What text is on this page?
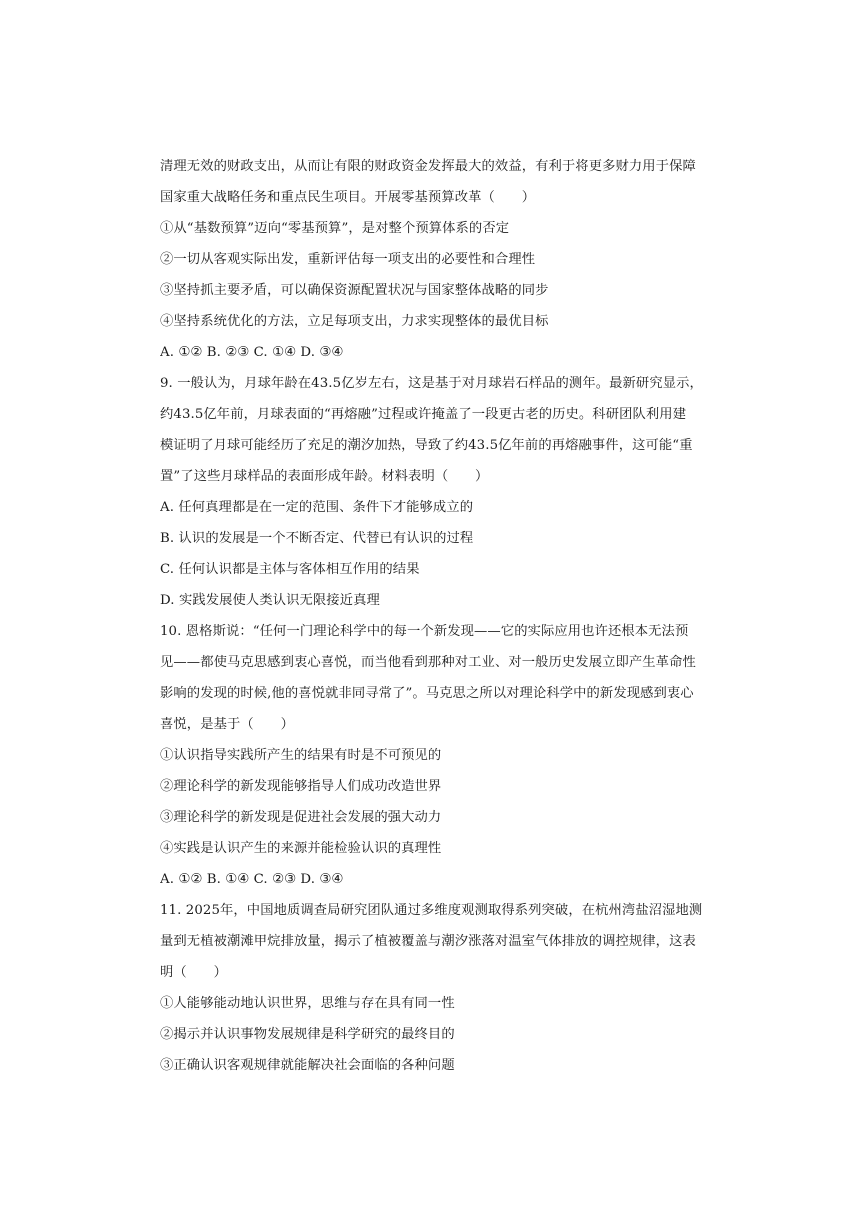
清理无效的财政支出，从而让有限的财政资金发挥最大的效益，有利于将更多财力用于保障
国家重大战略任务和重点民生项目。开展零基预算改革（　　）
①从“基数预算”迈向“零基预算”，是对整个预算体系的否定
②一切从客观实际出发，重新评估每一项支出的必要性和合理性
③坚持抓主要矛盾，可以确保资源配置状况与国家整体战略的同步
④坚持系统优化的方法，立足每项支出，力求实现整体的最优目标
A. ①② B. ②③ C. ①④ D. ③④
9. 一般认为，月球年龄在43.5亿岁左右，这是基于对月球岩石样品的测年。最新研究显示，
约43.5亿年前，月球表面的“再熔融”过程或许掩盖了一段更古老的历史。科研团队利用建
模证明了月球可能经历了充足的潮汐加热，导致了约43.5亿年前的再熔融事件，这可能“重
置”了这些月球样品的表面形成年龄。材料表明（　　）
A. 任何真理都是在一定的范围、条件下才能够成立的
B. 认识的发展是一个不断否定、代替已有认识的过程
C. 任何认识都是主体与客体相互作用的结果
D. 实践发展使人类认识无限接近真理
10. 恩格斯说：“任何一门理论科学中的每一个新发现——它的实际应用也许还根本无法预
见——都使马克思感到衷心喜悦，而当他看到那种对工业、对一般历史发展立即产生革命性
影响的发现的时候,他的喜悦就非同寻常了”。马克思之所以对理论科学中的新发现感到衷心
喜悦，是基于（　　）
①认识指导实践所产生的结果有时是不可预见的
②理论科学的新发现能够指导人们成功改造世界
③理论科学的新发现是促进社会发展的强大动力
④实践是认识产生的来源并能检验认识的真理性
A. ①② B. ①④ C. ②③ D. ③④
11. 2025年，中国地质调查局研究团队通过多维度观测取得系列突破，在杭州湾盐沼湿地测
量到无植被潮滩甲烷排放量，揭示了植被覆盖与潮汐涨落对温室气体排放的调控规律，这表
明（　　）
①人能够能动地认识世界，思维与存在具有同一性
②揭示并认识事物发展规律是科学研究的最终目的
③正确认识客观规律就能解决社会面临的各种问题
